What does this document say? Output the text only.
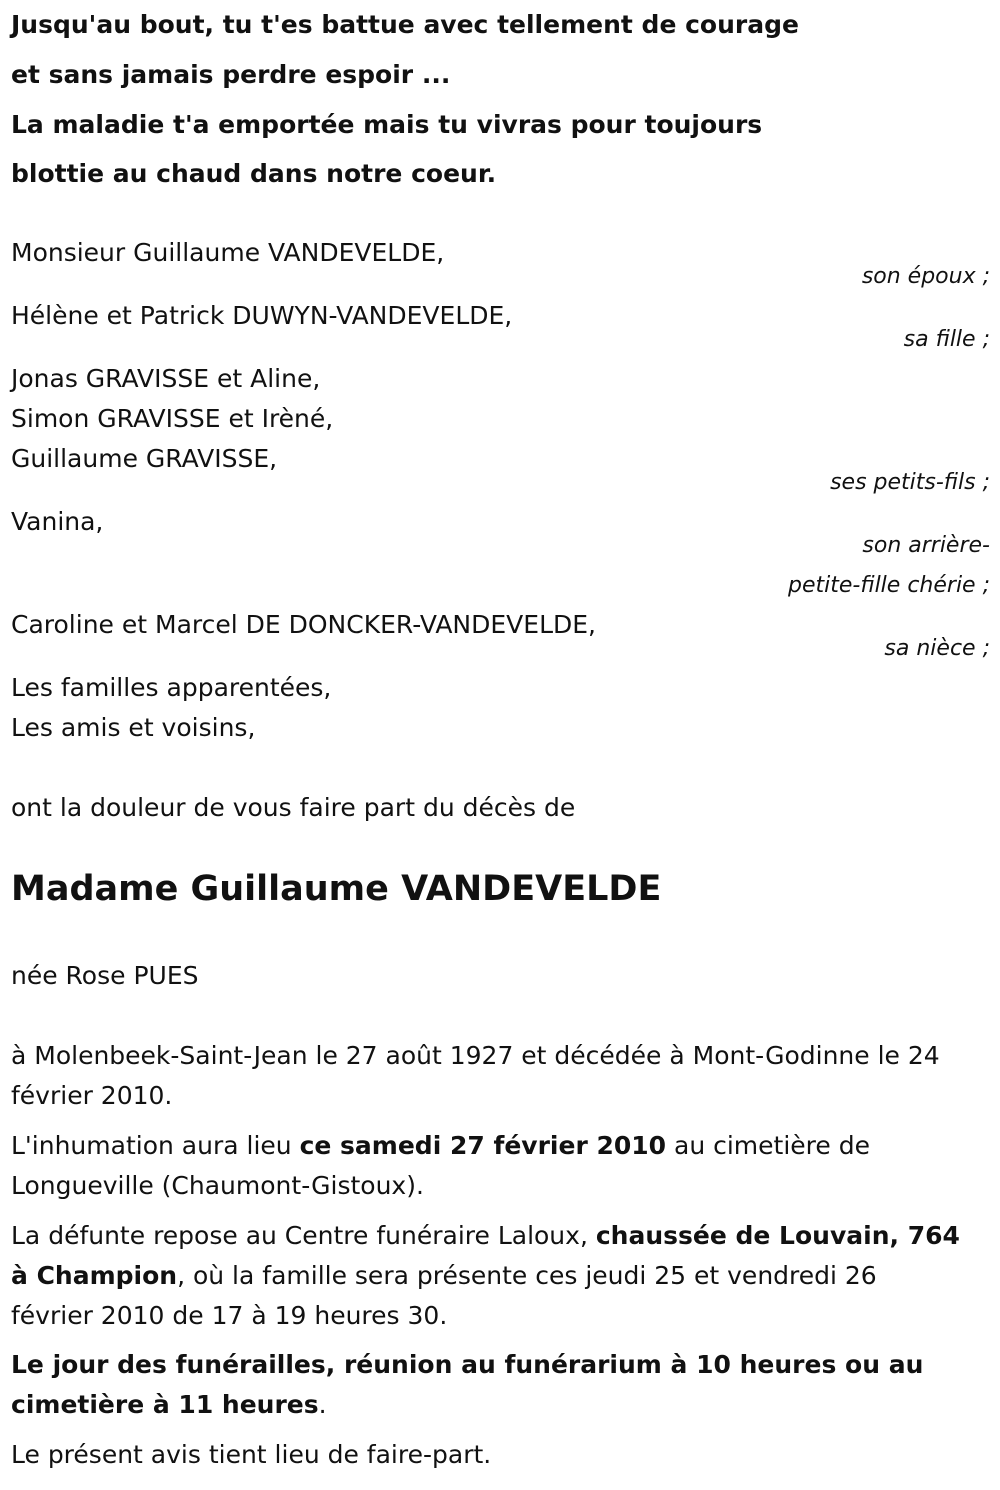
Jusqu'au bout, tu t'es battue avec tellement de courage
et sans jamais perdre espoir ...
La maladie t'a emportée mais tu vivras pour toujours
blottie au chaud dans notre coeur.
Monsieur Guillaume VANDEVELDE,
son époux ;
Hélène et Patrick DUWYN-VANDEVELDE,
sa fille ;
Jonas GRAVISSE et Aline,
Simon GRAVISSE et Irèné,
Guillaume GRAVISSE,
ses petits-fils ;
Vanina,
son arrière-
petite-fille chérie ;
Caroline et Marcel DE DONCKER-VANDEVELDE,
sa nièce ;
Les familles apparentées,
Les amis et voisins,
ont la douleur de vous faire part du décès de
Madame Guillaume VANDEVELDE
née Rose PUES
à Molenbeek-Saint-Jean le 27 août 1927 et décédée à Mont-Godinne le 24
février 2010.
L'inhumation aura lieu ce samedi 27 février 2010 au cimetière de
Longueville (Chaumont-Gistoux).
La défunte repose au Centre funéraire Laloux, chaussée de Louvain, 764
à Champion, où la famille sera présente ces jeudi 25 et vendredi 26
février 2010 de 17 à 19 heures 30.
Le jour des funérailles, réunion au funérarium à 10 heures ou au
cimetière à 11 heures.
Le présent avis tient lieu de faire-part.
